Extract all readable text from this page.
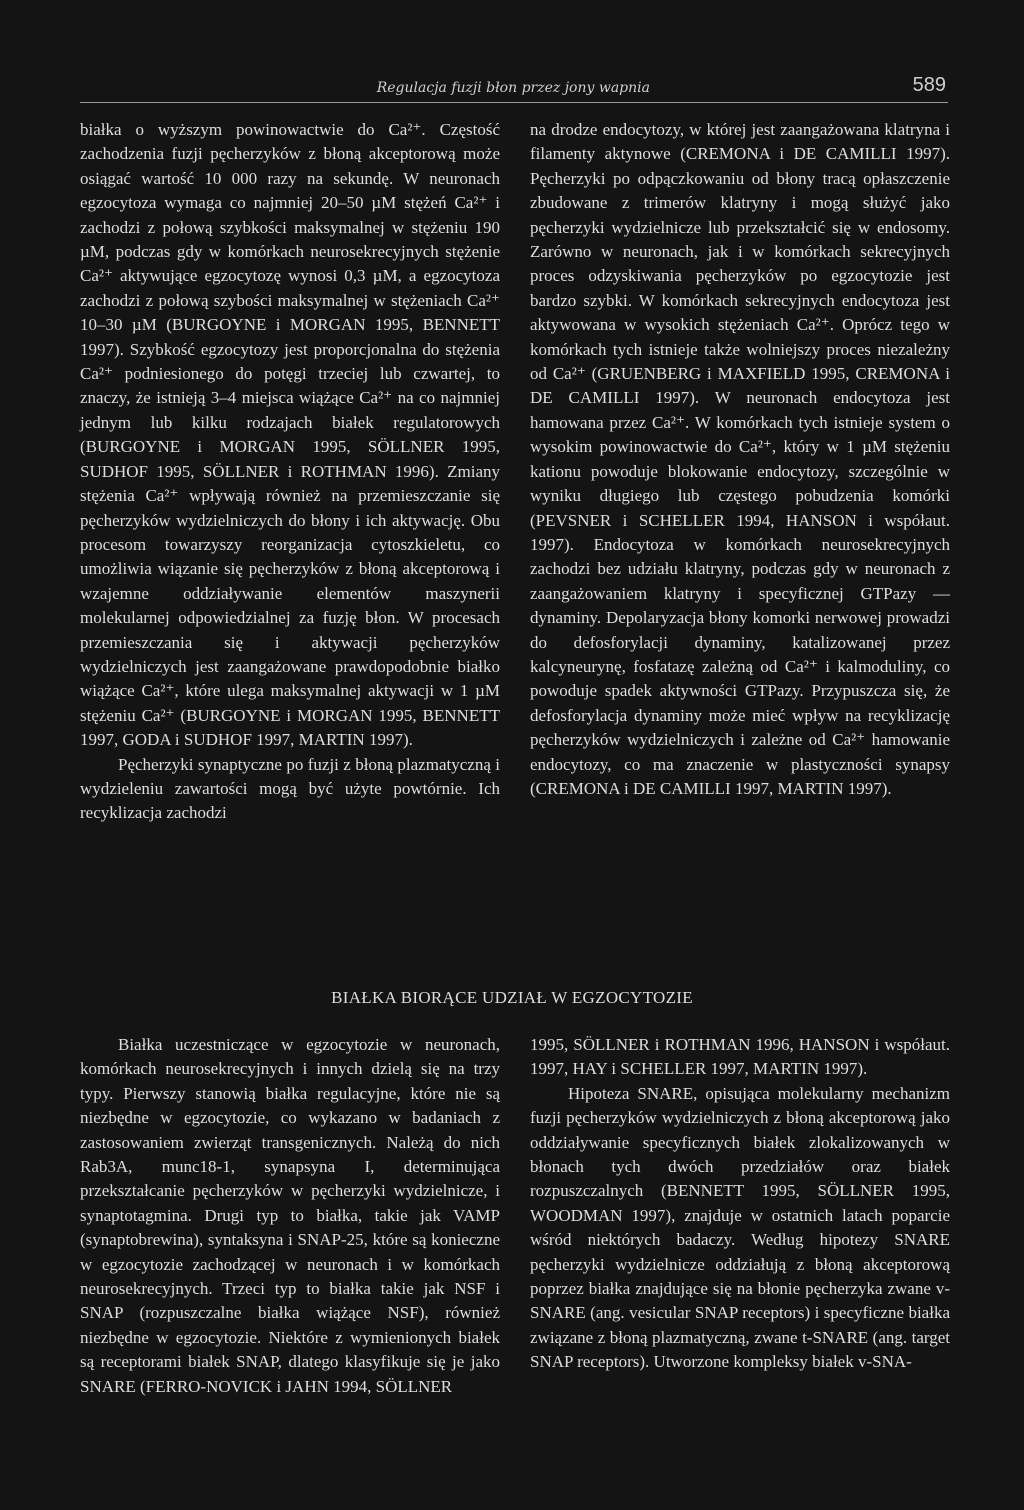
Regulacja fuzji błon przez jony wapnia	589

białka o wyższym powinowactwie do Ca²⁺. Częstość zachodzenia fuzji pęcherzyków z błoną akceptorową może osiągać wartość 10 000 razy na sekundę. W neuronach egzocytoza wymaga co najmniej 20–50 µM stężeń Ca²⁺ i zachodzi z połową szybkości maksymalnej w stężeniu 190 µM, podczas gdy w komórkach neurosekrecyjnych stężenie Ca²⁺ aktywujące egzocytozę wynosi 0,3 µM, a egzocytoza zachodzi z połową szybości maksymalnej w stężeniach Ca²⁺ 10–30 µM (BURGOYNE i MORGAN 1995, BENNETT 1997). Szybkość egzocytozy jest proporcjonalna do stężenia Ca²⁺ podniesionego do potęgi trzeciej lub czwartej, to znaczy, że istnieją 3–4 miejsca wiążące Ca²⁺ na co najmniej jednym lub kilku rodzajach białek regulatorowych (BURGOYNE i MORGAN 1995, SÖLLNER 1995, SUDHOF 1995, SÖLLNER i ROTHMAN 1996). Zmiany stężenia Ca²⁺ wpływają również na przemieszczanie się pęcherzyków wydzielniczych do błony i ich aktywację. Obu procesom towarzyszy reorganizacja cytoszkieletu, co umożliwia wiązanie się pęcherzyków z błoną akceptorową i wzajemne oddziaływanie elementów maszynerii molekularnej odpowiedzialnej za fuzję błon. W procesach przemieszczania się i aktywacji pęcherzyków wydzielniczych jest zaangażowane prawdopodobnie białko wiążące Ca²⁺, które ulega maksymalnej aktywacji w 1 µM stężeniu Ca²⁺ (BURGOYNE i MORGAN 1995, BENNETT 1997, GODA i SUDHOF 1997, MARTIN 1997).

Pęcherzyki synaptyczne po fuzji z błoną plazmatyczną i wydzieleniu zawartości mogą być użyte powtórnie. Ich recyklizacja zachodzi

na drodze endocytozy, w której jest zaangażowana klatryna i filamenty aktynowe (CREMONA i DE CAMILLI 1997). Pęcherzyki po odpączkowaniu od błony tracą opłaszczenie zbudowane z trimerów klatryny i mogą służyć jako pęcherzyki wydzielnicze lub przekształcić się w endosomy. Zarówno w neuronach, jak i w komórkach sekrecyjnych proces odzyskiwania pęcherzyków po egzocytozie jest bardzo szybki. W komórkach sekrecyjnych endocytoza jest aktywowana w wysokich stężeniach Ca²⁺. Oprócz tego w komórkach tych istnieje także wolniejszy proces niezależny od Ca²⁺ (GRUENBERG i MAXFIELD 1995, CREMONA i DE CAMILLI 1997). W neuronach endocytoza jest hamowana przez Ca²⁺. W komórkach tych istnieje system o wysokim powinowactwie do Ca²⁺, który w 1 µM stężeniu kationu powoduje blokowanie endocytozy, szczególnie w wyniku długiego lub częstego pobudzenia komórki (PEVSNER i SCHELLER 1994, HANSON i współaut. 1997). Endocytoza w komórkach neurosekrecyjnych zachodzi bez udziału klatryny, podczas gdy w neuronach z zaangażowaniem klatryny i specyficznej GTPazy — dynaminy. Depolaryzacja błony komorki nerwowej prowadzi do defosforylacji dynaminy, katalizowanej przez kalcyneurynę, fosfatazę zależną od Ca²⁺ i kalmoduliny, co powoduje spadek aktywności GTPazy. Przypuszcza się, że defosforylacja dynaminy może mieć wpływ na recyklizację pęcherzyków wydzielniczych i zależne od Ca²⁺ hamowanie endocytozy, co ma znaczenie w plastyczności synapsy (CREMONA i DE CAMILLI 1997, MARTIN 1997).

BIAŁKA BIORĄCE UDZIAŁ W EGZOCYTOZIE

Białka uczestniczące w egzocytozie w neuronach, komórkach neurosekrecyjnych i innych dzielą się na trzy typy. Pierwszy stanowią białka regulacyjne, które nie są niezbędne w egzocytozie, co wykazano w badaniach z zastosowaniem zwierząt transgenicznych. Należą do nich Rab3A, munc18-1, synapsyna I, determinująca przekształcanie pęcherzyków w pęcherzyki wydzielnicze, i synaptotagmina. Drugi typ to białka, takie jak VAMP (synaptobrewina), syntaksyna i SNAP-25, które są konieczne w egzocytozie zachodzącej w neuronach i w komórkach neurosekrecyjnych. Trzeci typ to białka takie jak NSF i SNAP (rozpuszczalne białka wiążące NSF), również niezbędne w egzocytozie. Niektóre z wymienionych białek są receptorami białek SNAP, dlatego klasyfikuje się je jako SNARE (FERRO-NOVICK i JAHN 1994, SÖLLNER

1995, SÖLLNER i ROTHMAN 1996, HANSON i współaut. 1997, HAY i SCHELLER 1997, MARTIN 1997).

Hipoteza SNARE, opisująca molekularny mechanizm fuzji pęcherzyków wydzielniczych z błoną akceptorową jako oddziaływanie specyficznych białek zlokalizowanych w błonach tych dwóch przedziałów oraz białek rozpuszczalnych (BENNETT 1995, SÖLLNER 1995, WOODMAN 1997), znajduje w ostatnich latach poparcie wśród niektórych badaczy. Według hipotezy SNARE pęcherzyki wydzielnicze oddziałują z błoną akceptorową poprzez białka znajdujące się na błonie pęcherzyka zwane v-SNARE (ang. vesicular SNAP receptors) i specyficzne białka związane z błoną plazmatyczną, zwane t-SNARE (ang. target SNAP receptors). Utworzone kompleksy białek v-SNA-
